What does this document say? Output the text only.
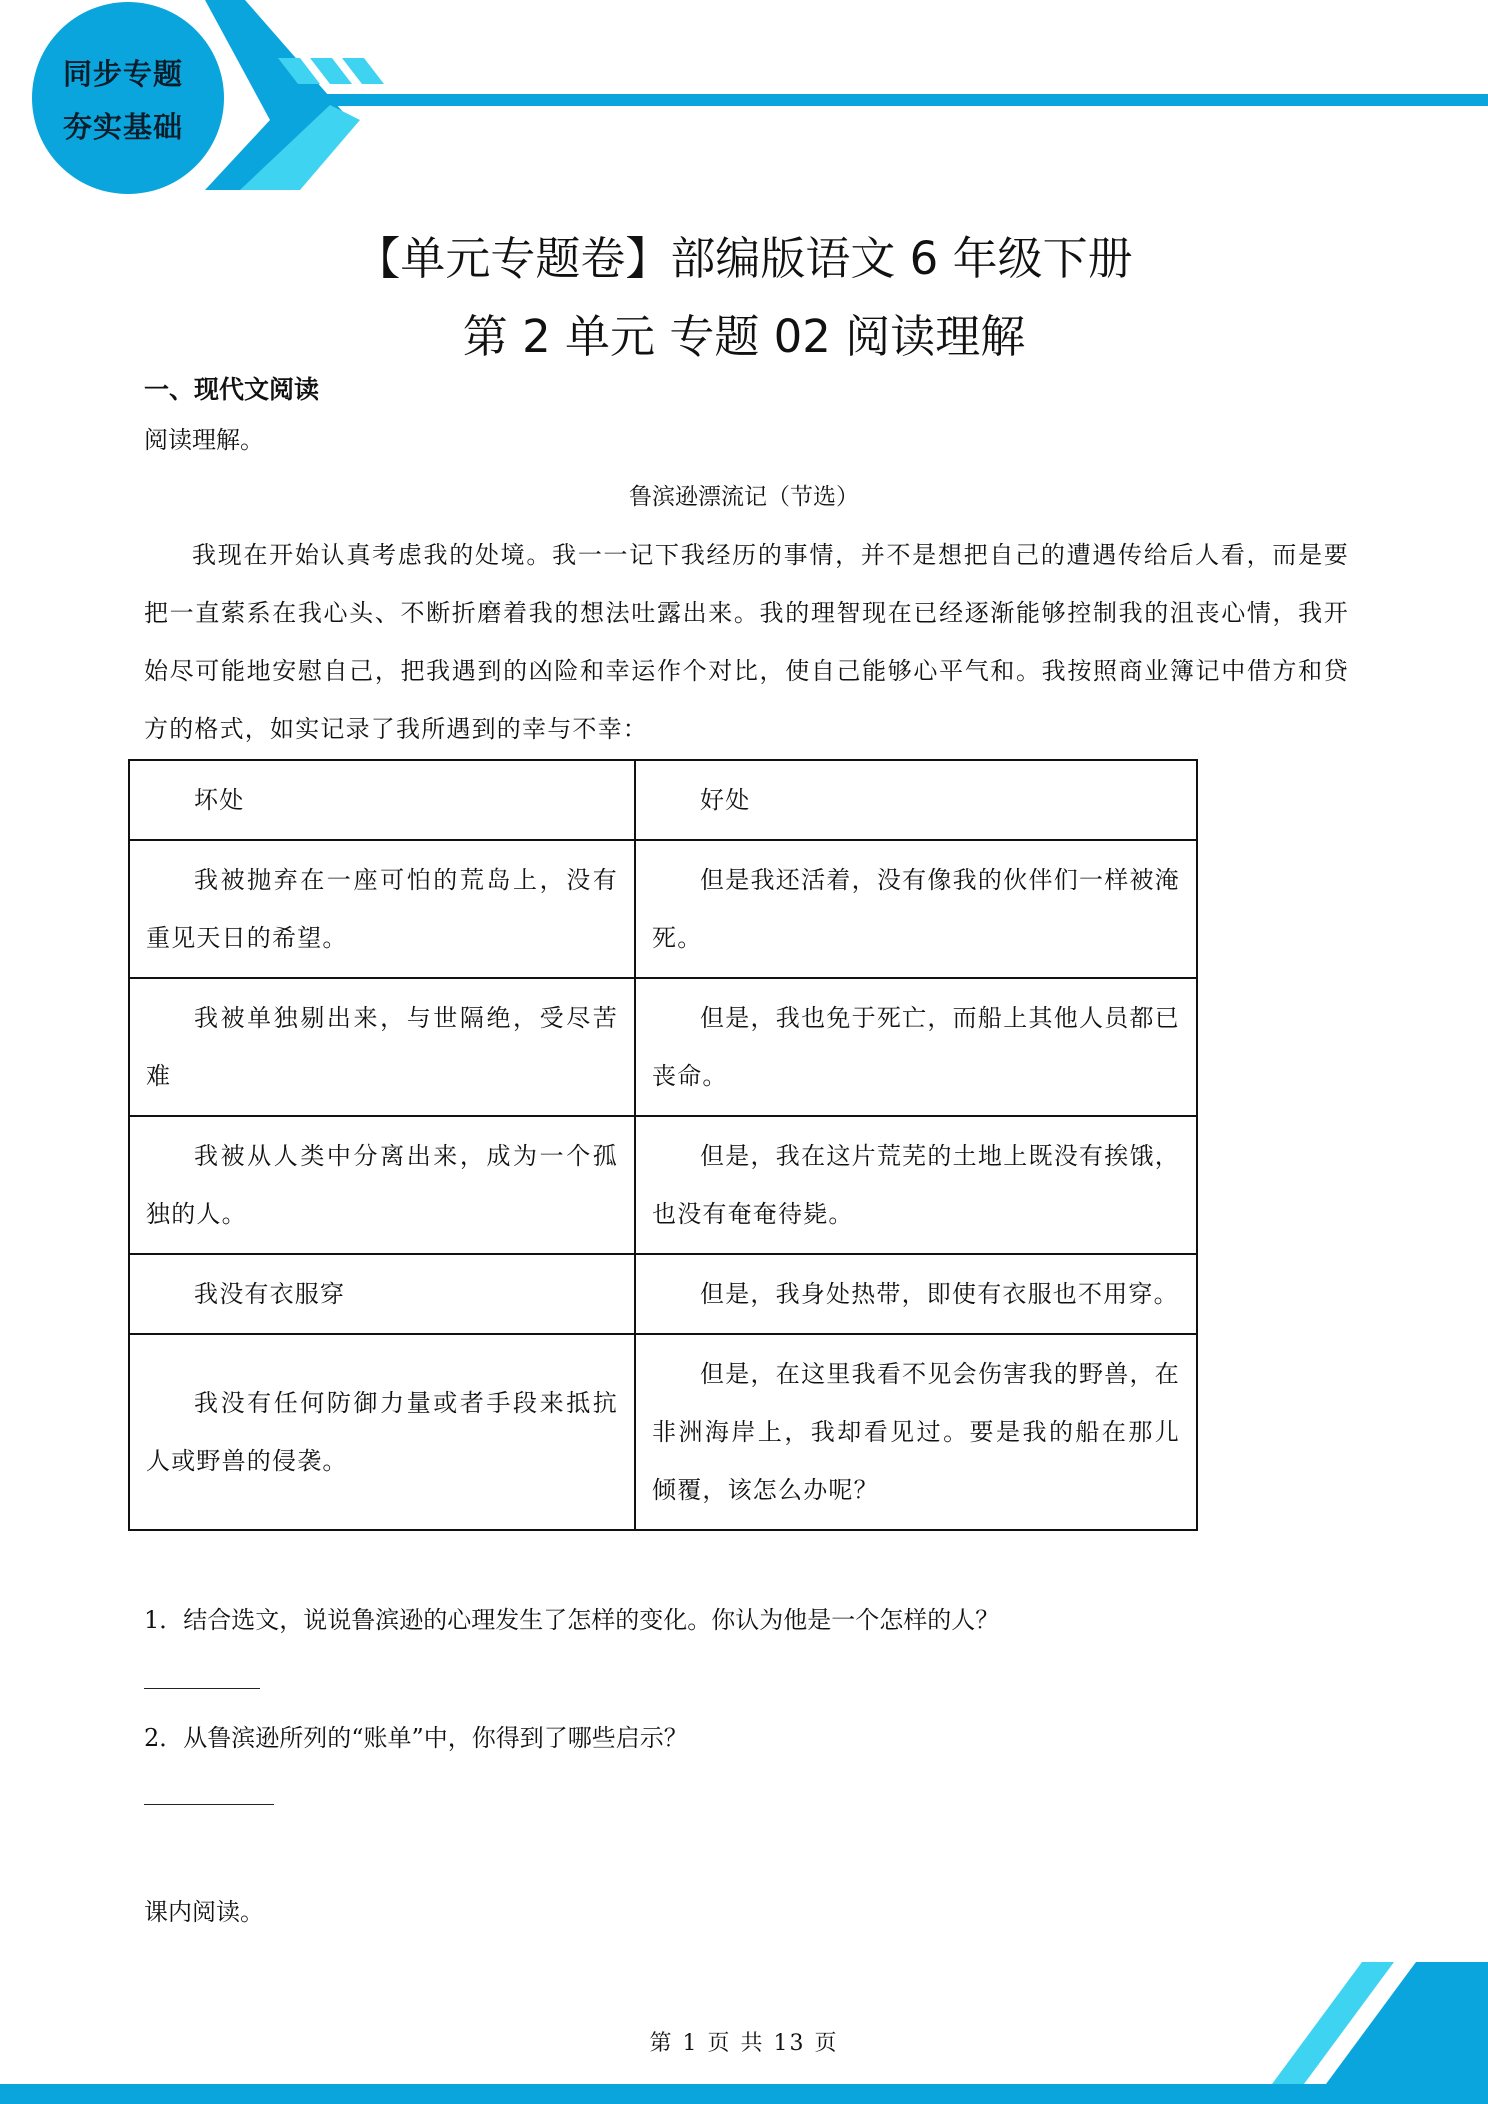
同步专题
夯实基础
【单元专题卷】部编版语文 6 年级下册
第 2 单元 专题 02 阅读理解
一、现代文阅读
阅读理解。
鲁滨逊漂流记（节选）

我现在开始认真考虑我的处境。我一一记下我经历的事情，并不是想把自己的遭遇传给后人看，而是要把一直萦系在我心头、不断折磨着我的想法吐露出来。我的理智现在已经逐渐能够控制我的沮丧心情，我开始尽可能地安慰自己，把我遇到的凶险和幸运作个对比，使自己能够心平气和。我按照商业簿记中借方和贷方的格式，如实记录了我所遇到的幸与不幸：

坏处	好处
我被抛弃在一座可怕的荒岛上，没有重见天日的希望。	但是我还活着，没有像我的伙伴们一样被淹死。
我被单独剔出来，与世隔绝，受尽苦难	但是，我也免于死亡，而船上其他人员都已丧命。
我被从人类中分离出来，成为一个孤独的人。	但是，我在这片荒芜的土地上既没有挨饿，也没有奄奄待毙。
我没有衣服穿	但是，我身处热带，即使有衣服也不用穿。
我没有任何防御力量或者手段来抵抗人或野兽的侵袭。	但是，在这里我看不见会伤害我的野兽，在非洲海岸上，我却看见过。要是我的船在那儿倾覆，该怎么办呢？
1．结合选文，说说鲁滨逊的心理发生了怎样的变化。你认为他是一个怎样的人？
2．从鲁滨逊所列的“账单”中，你得到了哪些启示？
课内阅读。
第 1 页 共 13 页
